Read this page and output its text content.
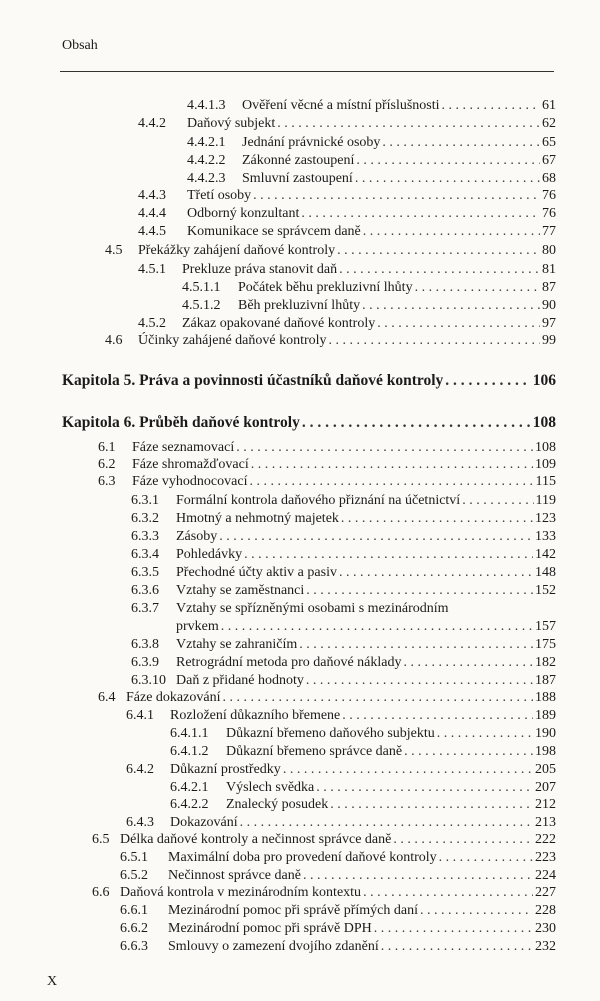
Obsah
4.4.1.3	Ověření věcné a místní příslušnosti . . .	61
4.4.2	Daňový subjekt . . .	62
4.4.2.1	Jednání právnické osoby . . .	65
4.4.2.2	Zákonné zastoupení . . .	67
4.4.2.3	Smluvní zastoupení . . .	68
4.4.3	Třetí osoby . . .	76
4.4.4	Odborný konzultant . . .	76
4.4.5	Komunikace se správcem daně . . .	77
4.5	Překážky zahájení daňové kontroly . . .	80
4.5.1	Prekluze práva stanovit daň . . .	81
4.5.1.1	Počátek běhu prekluzivní lhůty . . .	87
4.5.1.2	Běh prekluzivní lhůty . . .	90
4.5.2	Zákaz opakované daňové kontroly . . .	97
4.6	Účinky zahájené daňové kontroly . . .	99
Kapitola 5. Práva a povinnosti účastníků daňové kontroly . . .	106
Kapitola 6. Průběh daňové kontroly . . .	108
6.1	Fáze seznamovací . . .	108
6.2	Fáze shromažďovací . . .	109
6.3	Fáze vyhodnocovací . . .	115
6.3.1	Formální kontrola daňového přiznání na účetnictví . . .	119
6.3.2	Hmotný a nehmotný majetek . . .	123
6.3.3	Zásoby . . .	133
6.3.4	Pohledávky . . .	142
6.3.5	Přechodné účty aktiv a pasiv . . .	148
6.3.6	Vztahy se zaměstnanci . . .	152
6.3.7	Vztahy se spřízněnými osobami s mezinárodním
prvkem . . .	157
6.3.8	Vztahy se zahraničím . . .	175
6.3.9	Retrográdní metoda pro daňové náklady . . .	182
6.3.10 Daň z přidané hodnoty . . .	187
6.4 Fáze dokazování . . .	188
6.4.1	Rozložení důkazního břemene . . .	189
6.4.1.1	Důkazní břemeno daňového subjektu . . .	190
6.4.1.2	Důkazní břemeno správce daně . . .	198
6.4.2	Důkazní prostředky . . .	205
6.4.2.1	Výslech svědka . . .	207
6.4.2.2	Znalecký posudek . . .	212
6.4.3	Dokazování . . .	213
6.5 Délka daňové kontroly a nečinnost správce daně . . .	222
6.5.1	Maximální doba pro provedení daňové kontroly . . .	223
6.5.2	Nečinnost správce daně . . .	224
6.6 Daňová kontrola v mezinárodním kontextu . . .	227
6.6.1	Mezinárodní pomoc při správě přímých daní . . .	228
6.6.2	Mezinárodní pomoc při správě DPH . . .	230
6.6.3	Smlouvy o zamezení dvojího zdanění . . .	232
X
